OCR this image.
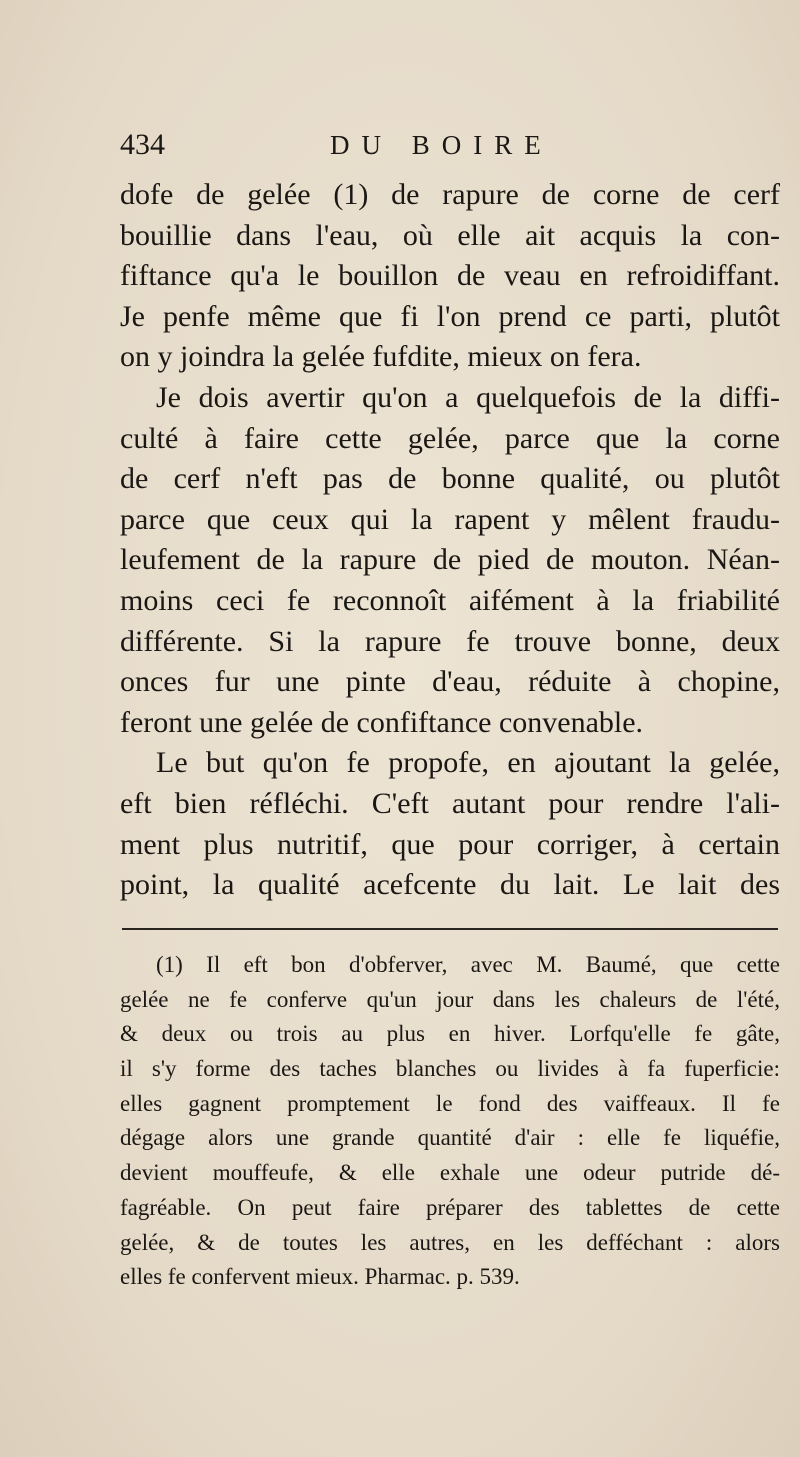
434	DU BOIRE

dofe de gelée (1) de rapure de corne de cerf
bouillie dans l'eau, où elle ait acquis la con-
fiftance qu'a le bouillon de veau en refroidiffant.
Je penfe même que fi l'on prend ce parti, plutôt
on y joindra la gelée fufdite, mieux on fera.
Je dois avertir qu'on a quelquefois de la diffi-
culté à faire cette gelée, parce que la corne
de cerf n'eft pas de bonne qualité, ou plutôt
parce que ceux qui la rapent y mêlent fraudu-
leufement de la rapure de pied de mouton. Néan-
moins ceci fe reconnoît aifément à la friabilité
différente. Si la rapure fe trouve bonne, deux
onces fur une pinte d'eau, réduite à chopine,
feront une gelée de confiftance convenable.
Le but qu'on fe propofe, en ajoutant la gelée,
eft bien réfléchi. C'eft autant pour rendre l'ali-
ment plus nutritif, que pour corriger, à certain
point, la qualité acefcente du lait. Le lait des

(1) Il eft bon d'obferver, avec M. Baumé, que cette
gelée ne fe conferve qu'un jour dans les chaleurs de l'été,
& deux ou trois au plus en hiver. Lorfqu'elle fe gâte,
il s'y forme des taches blanches ou livides à fa fuperficie:
elles gagnent promptement le fond des vaiffeaux. Il fe
dégage alors une grande quantité d'air : elle fe liquéfie,
devient mouffeufe, & elle exhale une odeur putride dé-
fagréable. On peut faire préparer des tablettes de cette
gelée, & de toutes les autres, en les defféchant : alors
elles fe confervent mieux. Pharmac. p. 539.
